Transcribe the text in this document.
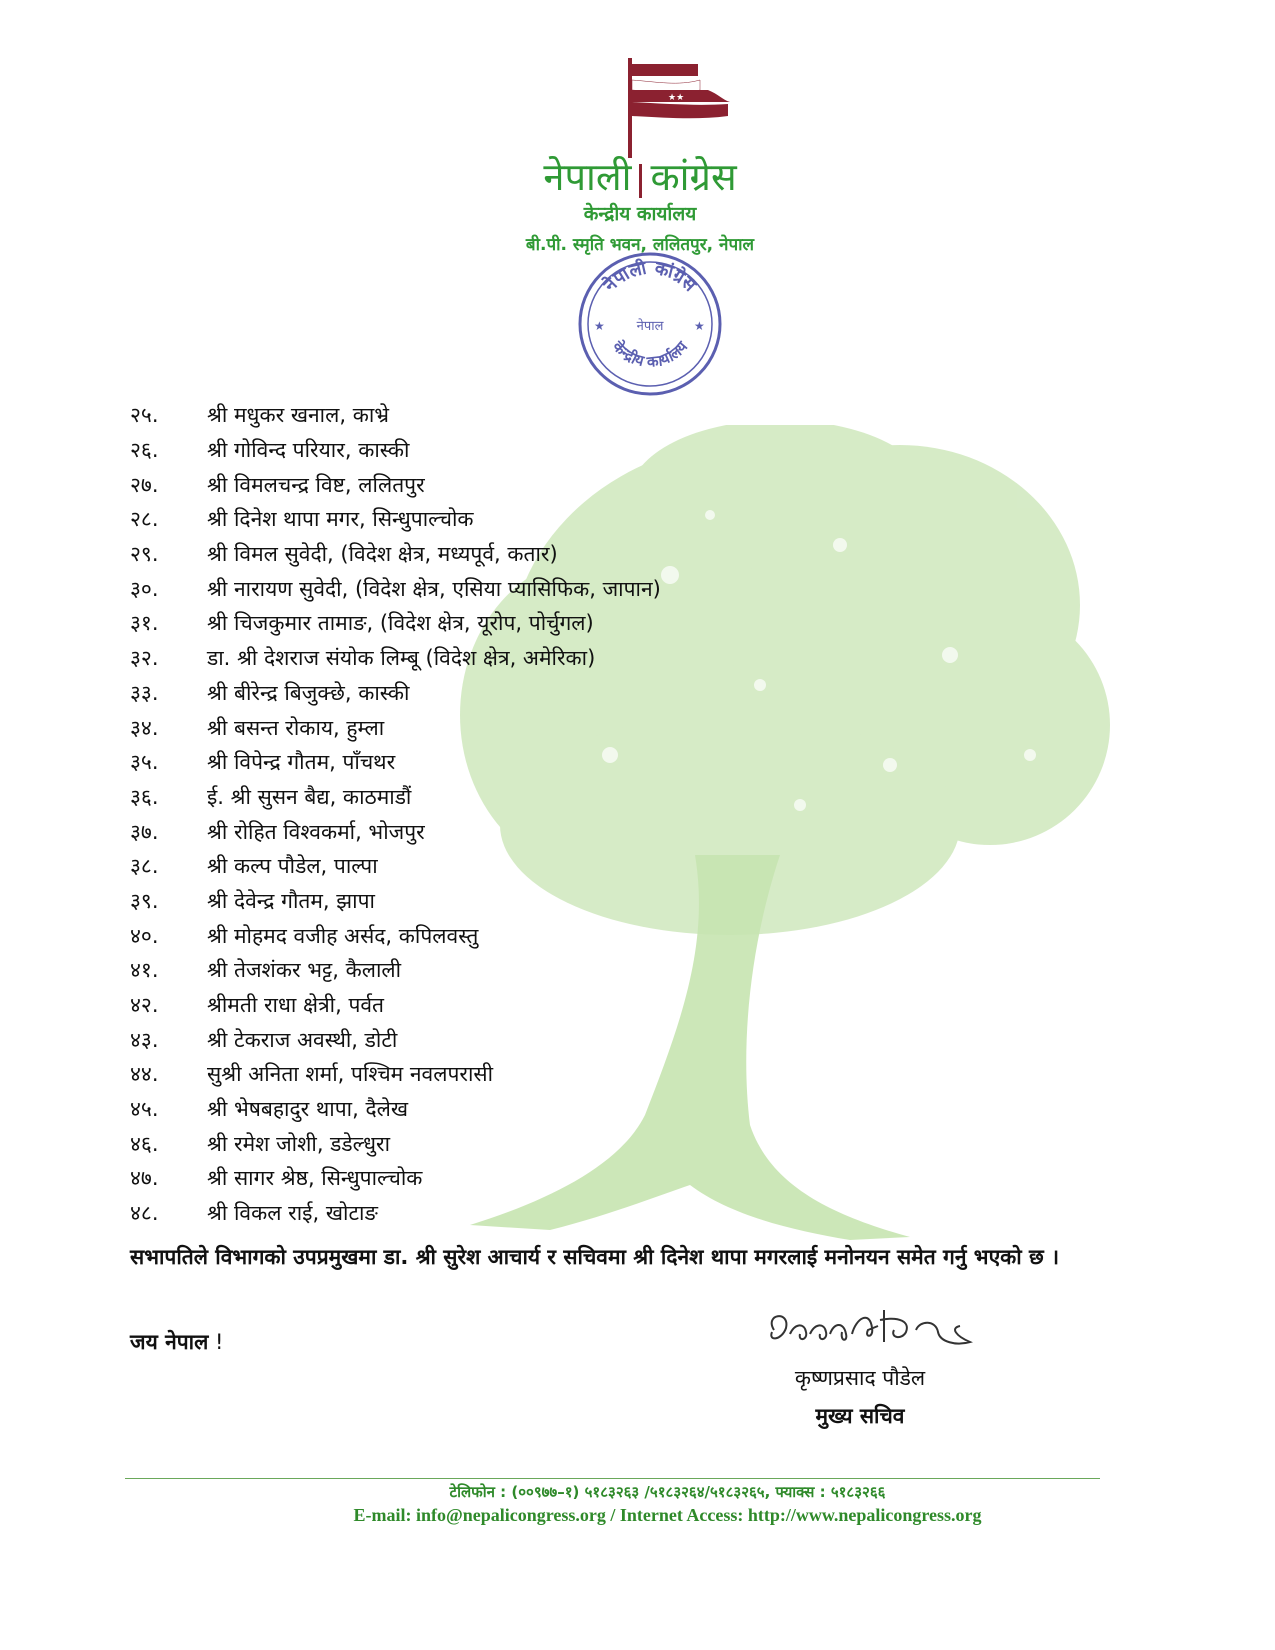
★★
नेपाली कांग्रेस
केन्द्रीय कार्यालय
बी.पी. स्मृति भवन, ललितपुर, नेपाल
नेपाली कांग्रेस
नेपाल
★	★
केन्द्रीय कार्यालय
२५.	श्री मधुकर खनाल, काभ्रे
२६.	श्री गोविन्द परियार, कास्की
२७.	श्री विमलचन्द्र विष्ट, ललितपुर
२८.	श्री दिनेश थापा मगर, सिन्धुपाल्चोक
२९.	श्री विमल सुवेदी, (विदेश क्षेत्र, मध्यपूर्व, कतार)
३०.	श्री नारायण सुवेदी, (विदेश क्षेत्र, एसिया प्यासिफिक, जापान)
३१.	श्री चिजकुमार तामाङ, (विदेश क्षेत्र, यूरोप, पोर्चुगल)
३२.	डा. श्री देशराज संयोक लिम्बू (विदेश क्षेत्र, अमेरिका)
३३.	श्री बीरेन्द्र बिजुक्छे, कास्की
३४.	श्री बसन्त रोकाय, हुम्ला
३५.	श्री विपेन्द्र गौतम, पाँचथर
३६.	ई. श्री सुसन बैद्य, काठमाडौं
३७.	श्री रोहित विश्वकर्मा, भोजपुर
३८.	श्री कल्प पौडेल, पाल्पा
३९.	श्री देवेन्द्र गौतम, झापा
४०.	श्री मोहमद वजीह अर्सद, कपिलवस्तु
४१.	श्री तेजशंकर भट्ट, कैलाली
४२.	श्रीमती राधा क्षेत्री, पर्वत
४३.	श्री टेकराज अवस्थी, डोटी
४४.	सुश्री अनिता शर्मा, पश्चिम नवलपरासी
४५.	श्री भेषबहादुर थापा, दैलेख
४६.	श्री रमेश जोशी, डडेल्धुरा
४७.	श्री सागर श्रेष्ठ, सिन्धुपाल्चोक
४८.	श्री विकल राई, खोटाङ
सभापतिले विभागको उपप्रमुखमा डा. श्री सुरेश आचार्य र सचिवमा श्री दिनेश थापा मगरलाई मनोनयन समेत गर्नु भएको छ ।
जय नेपाल !
कृष्णप्रसाद पौडेल
मुख्य सचिव
टेलिफोन : (००९७७–१) ५१८३२६३ /५१८३२६४/५१८३२६५, फ्याक्स : ५१८३२६६
E-mail: info@nepalicongress.org / Internet Access: http://www.nepalicongress.org
